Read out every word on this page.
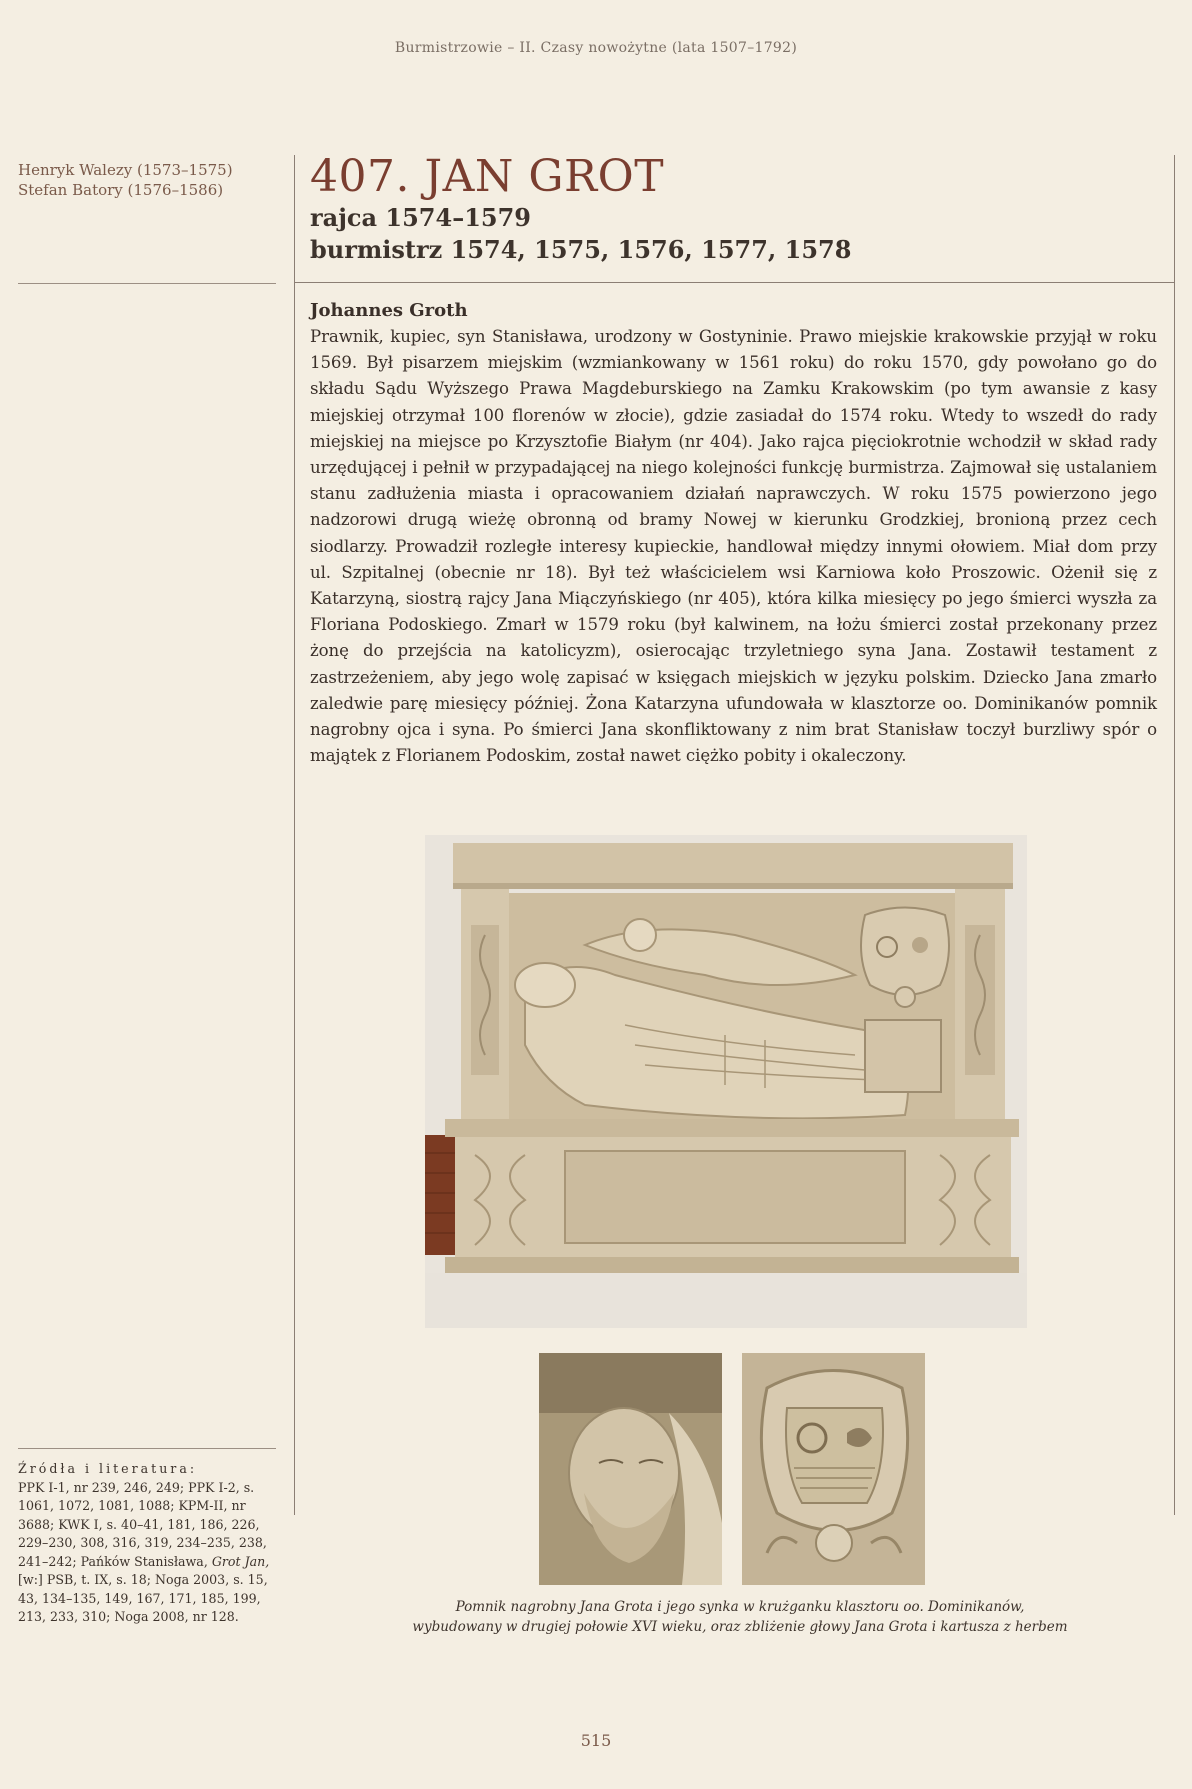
Burmistrzowie – II. Czasy nowożytne (lata 1507–1792)
Henryk Walezy (1573–1575)
Stefan Batory (1576–1586)	407. JAN GROT
rajca 1574–1579
burmistrz 1574, 1575, 1576, 1577, 1578
Johannes Groth

Prawnik, kupiec, syn Stanisława, urodzony w Gostyninie. Prawo miejskie krakowskie przyjął w roku 1569. Był pisarzem miejskim (wzmiankowany w 1561 roku) do roku 1570, gdy powołano go do składu Sądu Wyższego Prawa Magdeburskiego na Zamku Krakowskim (po tym awansie z kasy miejskiej otrzymał 100 florenów w złocie), gdzie zasiadał do 1574 roku. Wtedy to wszedł do rady miejskiej na miejsce po Krzysztofie Białym (nr 404). Jako rajca pięciokrotnie wchodził w skład rady urzędującej i pełnił w przypadającej na niego kolejności funkcję burmistrza. Zajmował się ustalaniem stanu zadłużenia miasta i opracowaniem działań naprawczych. W roku 1575 powierzono jego nadzorowi drugą wieżę obronną od bramy Nowej w kierunku Grodzkiej, bronioną przez cech siodlarzy. Prowadził rozległe interesy kupieckie, handlował między innymi ołowiem. Miał dom przy ul. Szpitalnej (obecnie nr 18). Był też właścicielem wsi Karniowa koło Proszowic. Ożenił się z Katarzyną, siostrą rajcy Jana Miączyńskiego (nr 405), która kilka miesięcy po jego śmierci wyszła za Floriana Podoskiego. Zmarł w 1579 roku (był kalwinem, na łożu śmierci został przekonany przez żonę do przejścia na katolicyzm), osierocając trzyletniego syna Jana. Zostawił testament z zastrzeżeniem, aby jego wolę zapisać w księgach miejskich w języku polskim. Dziecko Jana zmarło zaledwie parę miesięcy później. Żona Katarzyna ufundowała w klasztorze oo. Dominikanów pomnik nagrobny ojca i syna. Po śmierci Jana skonfliktowany z nim brat Stanisław toczył burzliwy spór o majątek z Florianem Podoskim, został nawet ciężko pobity i okaleczony.

Pomnik nagrobny Jana Grota i jego synka w krużganku klasztoru oo. Dominikanów,
wybudowany w drugiej połowie XVI wieku, oraz zbliżenie głowy Jana Grota i kartusza z herbem
Źródła i literatura:
PPK I-1, nr 239, 246, 249; PPK I-2, s. 1061, 1072, 1081, 1088; KPM-II, nr 3688; KWK I, s. 40–41, 181, 186, 226, 229–230, 308, 316, 319, 234–235, 238, 241–242; Pańków Stanisława, Grot Jan, [w:] PSB, t. IX, s. 18; Noga 2003, s. 15, 43, 134–135, 149, 167, 171, 185, 199, 213, 233, 310; Noga 2008, nr 128.
515
